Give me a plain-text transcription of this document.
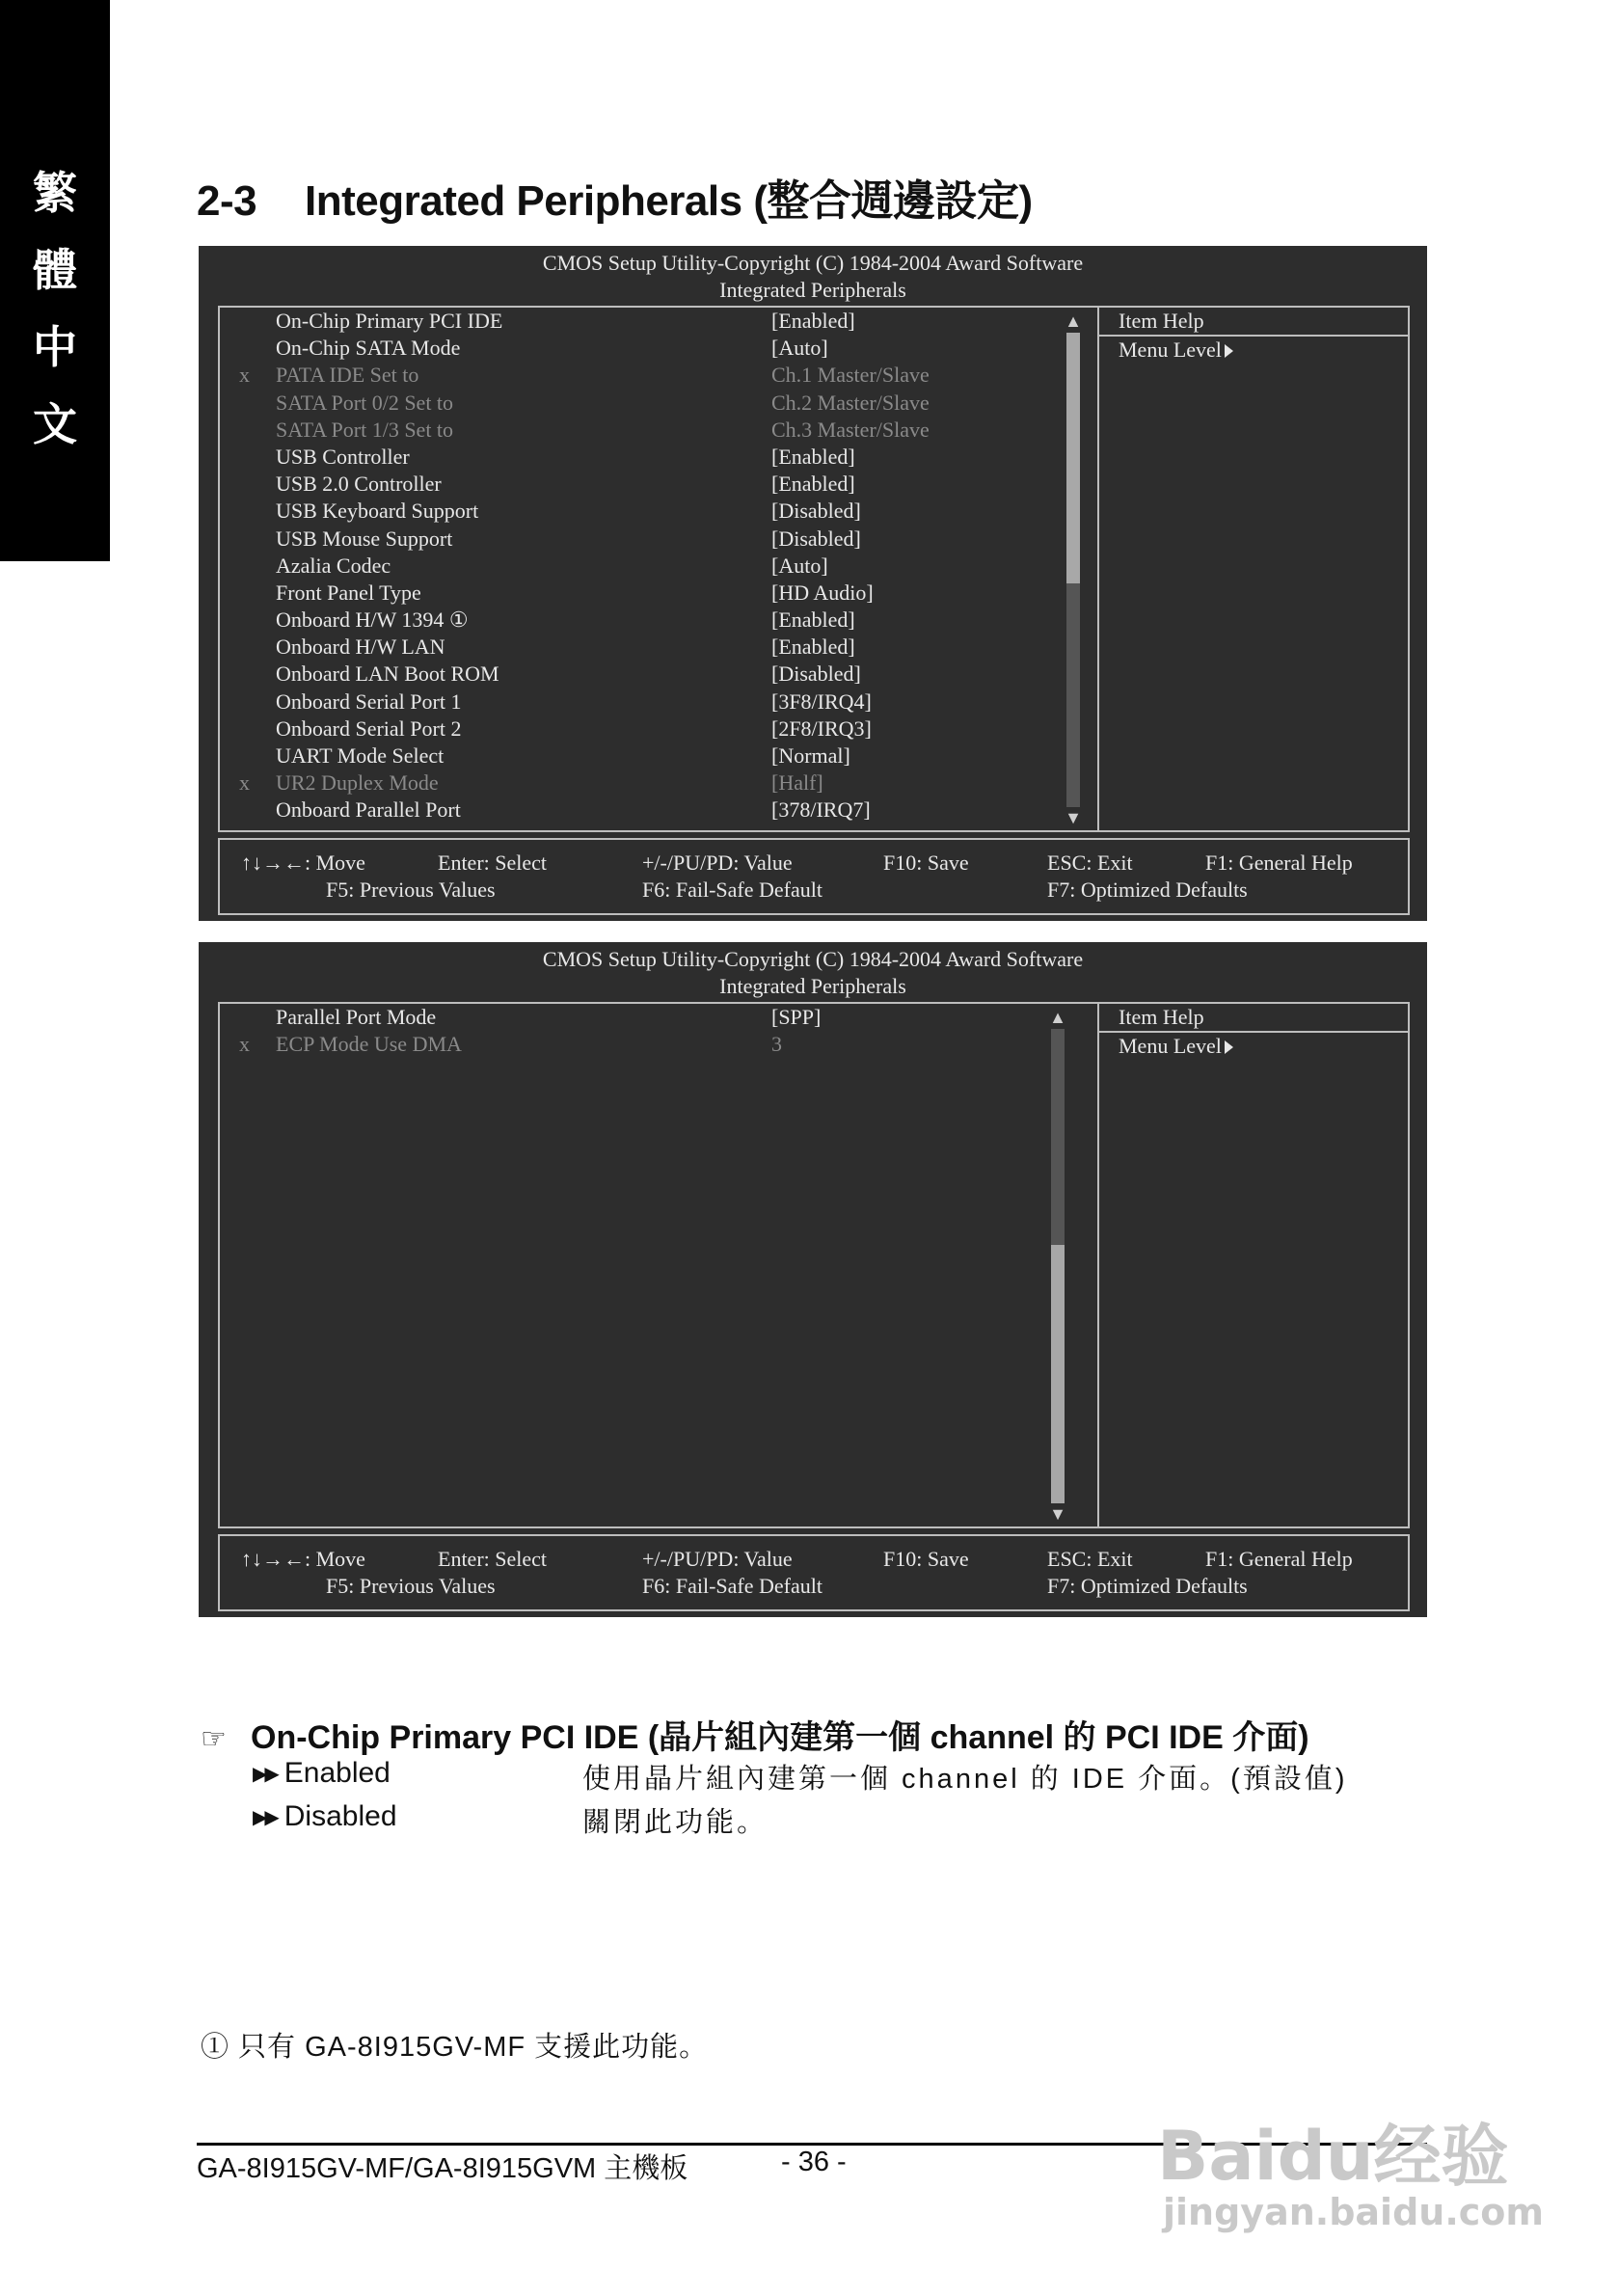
繁
體
中
文
2-3 Integrated Peripherals (整合週邊設定)
CMOS Setup Utility-Copyright (C) 1984-2004 Award Software
Integrated Peripherals
On-Chip Primary PCI IDE	[Enabled]
On-Chip SATA Mode	[Auto]
x PATA IDE Set to	Ch.1 Master/Slave
SATA Port 0/2 Set to	Ch.2 Master/Slave
SATA Port 1/3 Set to	Ch.3 Master/Slave
USB Controller	[Enabled]
USB 2.0 Controller	[Enabled]
USB Keyboard Support	[Disabled]
USB Mouse Support	[Disabled]
Azalia Codec	[Auto]
Front Panel Type	[HD Audio]
Onboard H/W 1394 ①	[Enabled]
Onboard H/W LAN	[Enabled]
Onboard LAN Boot ROM	[Disabled]
Onboard Serial Port 1	[3F8/IRQ4]
Onboard Serial Port 2	[2F8/IRQ3]
UART Mode Select	[Normal]
x UR2 Duplex Mode	[Half]
Onboard Parallel Port	[378/IRQ7]
▲
▼
Item Help
Menu Level
↑↓→←: Move	Enter: Select	+/-/PU/PD: Value	F10: Save	ESC: Exit	F1: General Help
F5: Previous Values	F6: Fail-Safe Default	F7: Optimized Defaults
CMOS Setup Utility-Copyright (C) 1984-2004 Award Software
Integrated Peripherals
Parallel Port Mode	[SPP]
x ECP Mode Use DMA	3
▲
▼
Item Help
Menu Level
↑↓→←: Move	Enter: Select	+/-/PU/PD: Value	F10: Save	ESC: Exit	F1: General Help
F5: Previous Values	F6: Fail-Safe Default	F7: Optimized Defaults
☞ On-Chip Primary PCI IDE (晶片組內建第一個 channel 的 PCI IDE 介面)
▶▶ Enabled	使用晶片組內建第一個 channel 的 IDE 介面。(預設值)
▶▶ Disabled	關閉此功能。
① 只有 GA-8I915GV-MF 支援此功能。
GA-8I915GV-MF/GA-8I915GVM 主機板	- 36 -	Baidu经验
jingyan.baidu.com
